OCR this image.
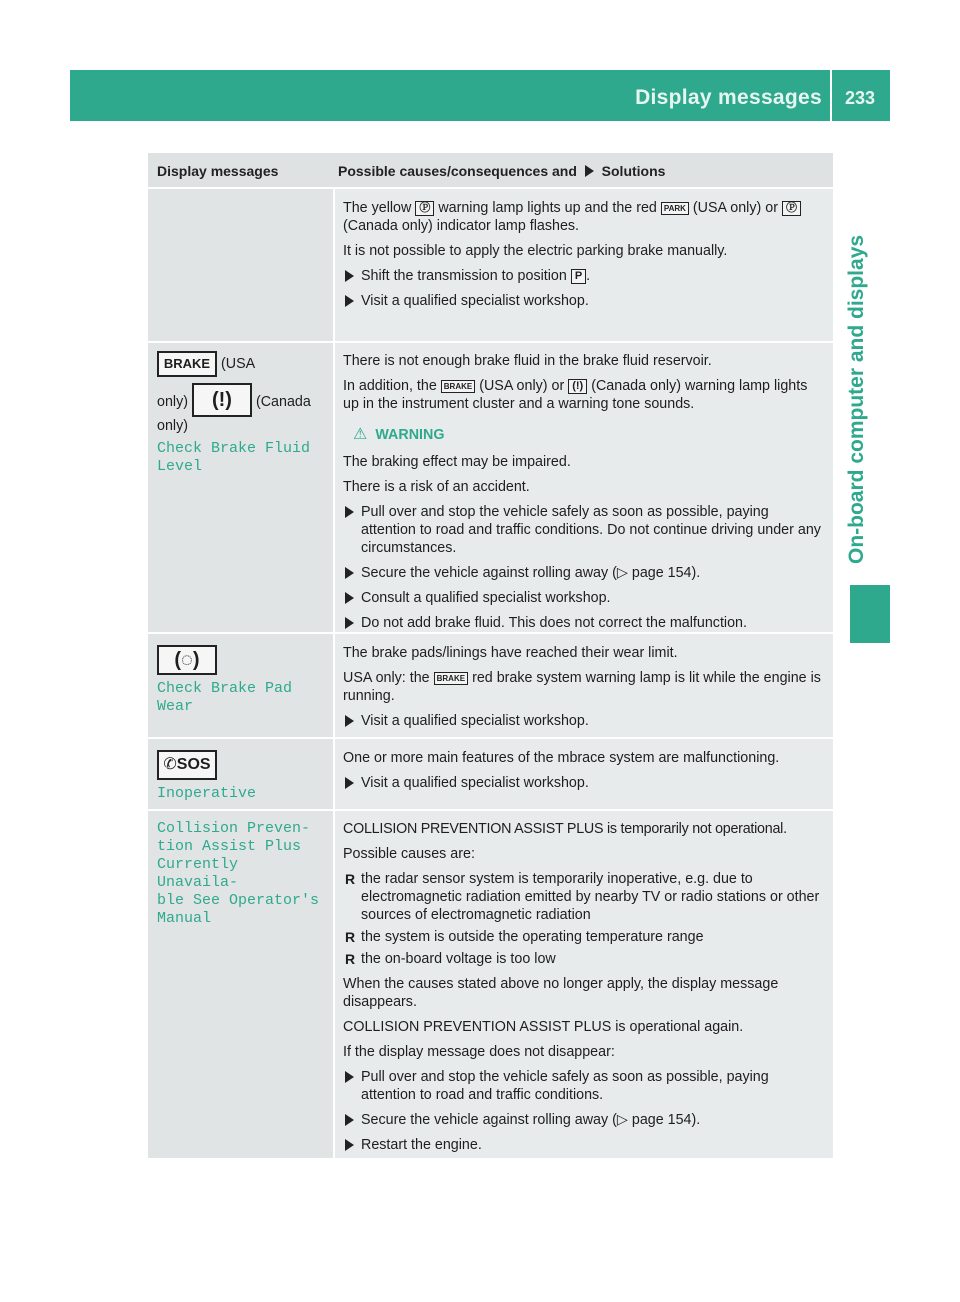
Display messages	233
On-board computer and displays
Display messages	Possible causes/consequences and Solutions

The yellow Ⓟ warning lamp lights up and the red PARK (USA only) or Ⓟ (Canada only) indicator lamp flashes.

It is not possible to apply the electric parking brake manually.

Shift the transmission to position P .
Visit a qualified specialist workshop.
BRAKE (USA
only) (!) (Canada
only)
Check Brake Fluid
Level

There is not enough brake fluid in the brake fluid reservoir.

In addition, the BRAKE (USA only) or (!) (Canada only) warning lamp lights up in the instrument cluster and a warning tone sounds.

⚠ WARNING

The braking effect may be impaired.

There is a risk of an accident.

Pull over and stop the vehicle safely as soon as possible, paying attention to road and traffic conditions. Do not continue driving under any circumstances.
Secure the vehicle against rolling away (▷ page 154).
Consult a qualified specialist workshop.
Do not add brake fluid. This does not correct the malfunction.
(◌)
Check Brake Pad Wear

The brake pads/linings have reached their wear limit.

USA only: the BRAKE red brake system warning lamp is lit while the engine is running.

Visit a qualified specialist workshop.
✆SOS
Inoperative

One or more main features of the mbrace system are malfunctioning.

Visit a qualified specialist workshop.
Collision Preven‐
tion Assist Plus
Currently Unavaila‐
ble See Operator's
Manual

COLLISION PREVENTION ASSIST PLUS is temporarily not operational.

Possible causes are:

R the radar sensor system is temporarily inoperative, e.g. due to electromagnetic radiation emitted by nearby TV or radio stations or other sources of electromagnetic radiation
R the system is outside the operating temperature range
R the on-board voltage is too low

When the causes stated above no longer apply, the display message disappears.

COLLISION PREVENTION ASSIST PLUS is operational again.

If the display message does not disappear:

Pull over and stop the vehicle safely as soon as possible, paying attention to road and traffic conditions.
Secure the vehicle against rolling away (▷ page 154).
Restart the engine.
